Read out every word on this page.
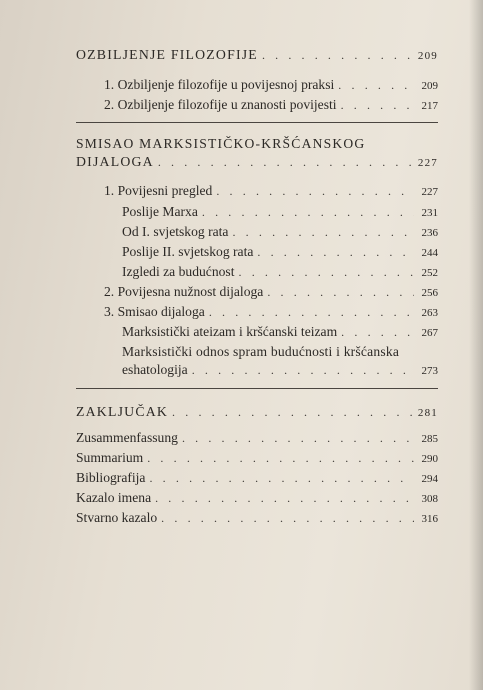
OZBILJENJE FILOZOFIJE . . .	209
1. Ozbiljenje filozofije u povijesnoj praksi . . .	209
2. Ozbiljenje filozofije u znanosti povijesti . . .	217
SMISAO MARKSISTIČKO-KRŠĆANSKOG
DIJALOGA . . .	227
1. Povijesni pregled . . .	227
Poslije Marxa . . .	231
Od I. svjetskog rata . . .	236
Poslije II. svjetskog rata . . .	244
Izgledi za budućnost . . .	252
2. Povijesna nužnost dijaloga . . .	256
3. Smisao dijaloga . . .	263
Marksistički ateizam i kršćanski teizam . . .	267
Marksistički odnos spram budućnosti i kršćanska
eshatologija . . .	273
ZAKLJUČAK . . .	281
Zusammenfassung . . .	285
Summarium . . .	290
Bibliografija . . .	294
Kazalo imena . . .	308
Stvarno kazalo . . .	316
